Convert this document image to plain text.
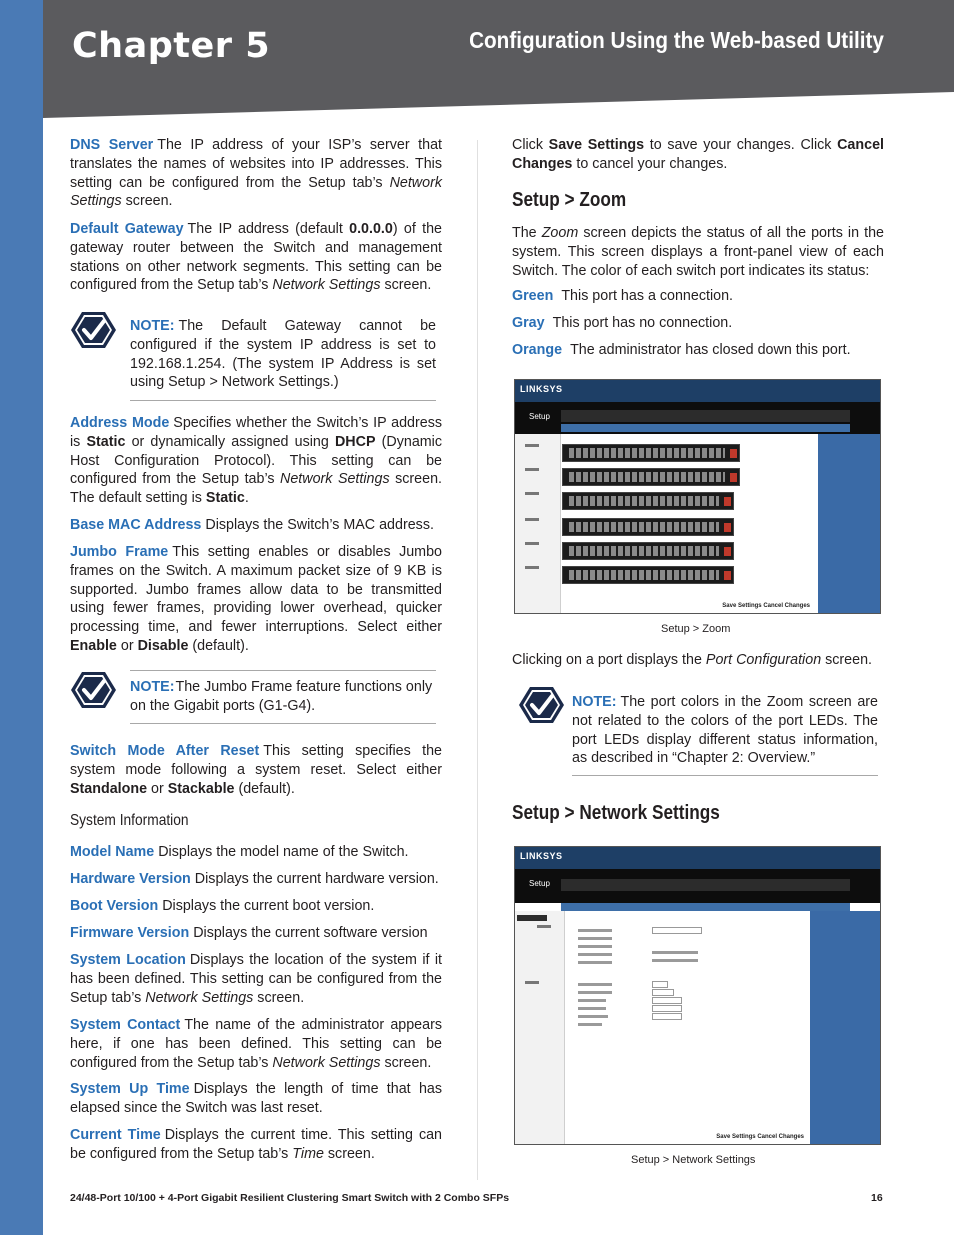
Chapter 5	Configuration Using the Web-based Utility
DNS Server The IP address of your ISP’s server that translates the names of websites into IP addresses. This setting can be configured from the Setup tab’s Network Settings screen.
Default Gateway The IP address (default 0.0.0.0) of the gateway router between the Switch and management stations on other network segments. This setting can be configured from the Setup tab’s Network Settings screen.
NOTE: The Default Gateway cannot be configured if the system IP address is set to 192.168.1.254. (The system IP Address is set using Setup > Network Settings.)
Address Mode Specifies whether the Switch’s IP address is Static or dynamically assigned using DHCP (Dynamic Host Configuration Protocol). This setting can be configured from the Setup tab’s Network Settings screen. The default setting is Static.
Base MAC Address Displays the Switch’s MAC address.
Jumbo Frame This setting enables or disables Jumbo frames on the Switch. A maximum packet size of 9 KB is supported. Jumbo frames allow data to be transmitted using fewer frames, providing lower overhead, quicker processing time, and fewer interruptions. Select either Enable or Disable (default).
NOTE:The Jumbo Frame feature functions only on the Gigabit ports (G1-G4).
Switch Mode After Reset This setting specifies the system mode following a system reset. Select either Standalone or Stackable (default).
System Information
Model Name Displays the model name of the Switch.
Hardware Version Displays the current hardware version.
Boot Version Displays the current boot version.
Firmware Version Displays the current software version
System Location Displays the location of the system if it has been defined. This setting can be configured from the Setup tab’s Network Settings screen.
System Contact The name of the administrator appears here, if one has been defined. This setting can be configured from the Setup tab’s Network Settings screen.
System Up Time Displays the length of time that has elapsed since the Switch was last reset.
Current Time Displays the current time. This setting can be configured from the Setup tab’s Time screen.
Click Save Settings to save your changes. Click Cancel Changes to cancel your changes.
Setup > Zoom
The Zoom screen depicts the status of all the ports in the system. This screen displays a front-panel view of each Switch. The color of each switch port indicates its status:
Green This port has a connection.
Gray This port has no connection.
Orange The administrator has closed down this port.
LINKSYS
Setup
Save Settings Cancel Changes
Setup > Zoom
Clicking on a port displays the Port Configuration screen.
NOTE: The port colors in the Zoom screen are not related to the colors of the port LEDs. The port LEDs display different status information, as described in “Chapter 2: Overview.”
Setup > Network Settings
LINKSYS
Setup
Save Settings Cancel Changes
Setup > Network Settings
24/48-Port 10/100 + 4-Port Gigabit Resilient Clustering Smart Switch with 2 Combo SFPs	16
